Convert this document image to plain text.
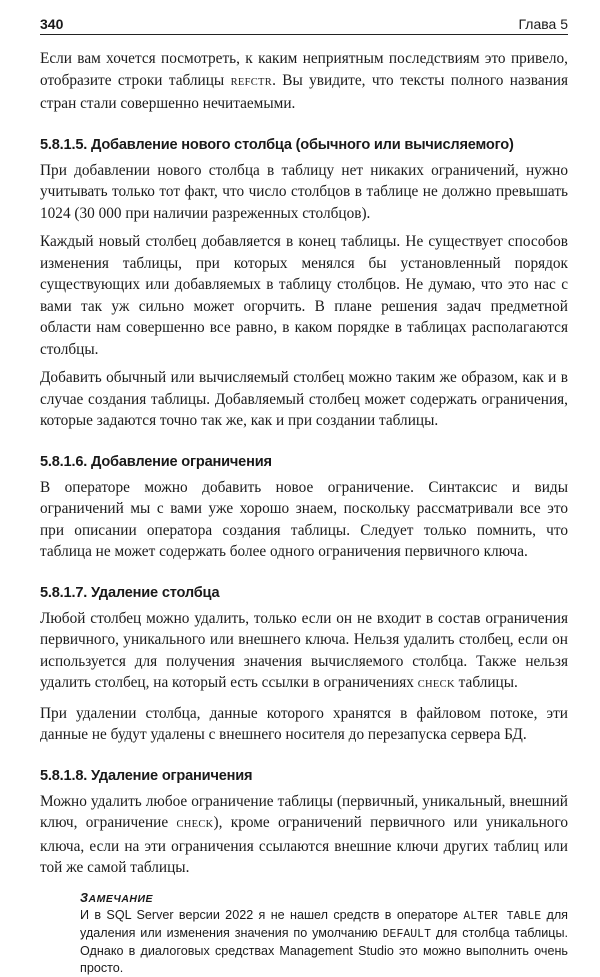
340	Глава 5

Если вам хочется посмотреть, к каким неприятным последствиям это привело, отобразите строки таблицы REFCTR. Вы увидите, что тексты полного названия стран стали совершенно нечитаемыми.

5.8.1.5. Добавление нового столбца (обычного или вычисляемого)

При добавлении нового столбца в таблицу нет никаких ограничений, нужно учитывать только тот факт, что число столбцов в таблице не должно превышать 1024 (30 000 при наличии разреженных столбцов).

Каждый новый столбец добавляется в конец таблицы. Не существует способов изменения таблицы, при которых менялся бы установленный порядок существующих или добавляемых в таблицу столбцов. Не думаю, что это нас с вами так уж сильно может огорчить. В плане решения задач предметной области нам совершенно все равно, в каком порядке в таблицах располагаются столбцы.

Добавить обычный или вычисляемый столбец можно таким же образом, как и в случае создания таблицы. Добавляемый столбец может содержать ограничения, которые задаются точно так же, как и при создании таблицы.

5.8.1.6. Добавление ограничения

В операторе можно добавить новое ограничение. Синтаксис и виды ограничений мы с вами уже хорошо знаем, поскольку рассматривали все это при описании оператора создания таблицы. Следует только помнить, что таблица не может содержать более одного ограничения первичного ключа.

5.8.1.7. Удаление столбца

Любой столбец можно удалить, только если он не входит в состав ограничения первичного, уникального или внешнего ключа. Нельзя удалить столбец, если он используется для получения значения вычисляемого столбца. Также нельзя удалить столбец, на который есть ссылки в ограничениях CHECK таблицы.

При удалении столбца, данные которого хранятся в файловом потоке, эти данные не будут удалены с внешнего носителя до перезапуска сервера БД.

5.8.1.8. Удаление ограничения

Можно удалить любое ограничение таблицы (первичный, уникальный, внешний ключ, ограничение CHECK), кроме ограничений первичного или уникального ключа, если на эти ограничения ссылаются внешние ключи других таблиц или той же самой таблицы.

ЗАМЕЧАНИЕ

И в SQL Server версии 2022 я не нашел средств в операторе ALTER TABLE для удаления или изменения значения по умолчанию DEFAULT для столбца таблицы. Однако в диалоговых средствах Management Studio это можно выполнить очень просто.
